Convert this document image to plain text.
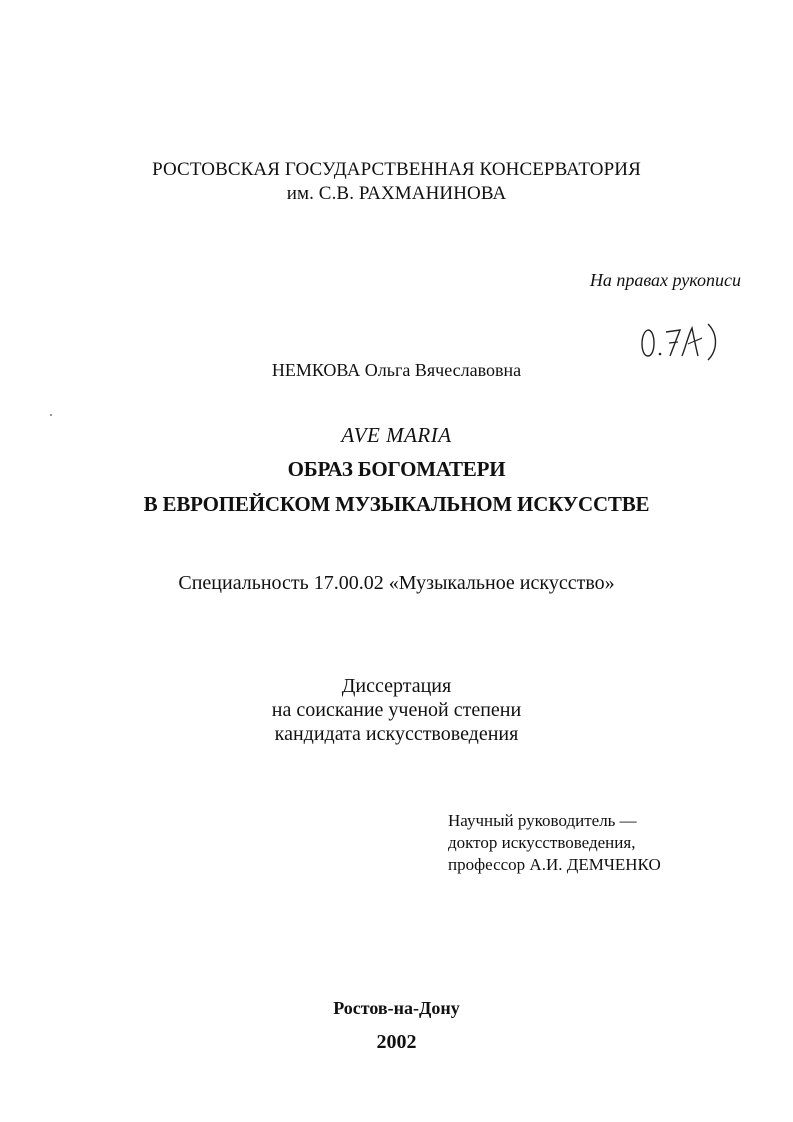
РОСТОВСКАЯ ГОСУДАРСТВЕННАЯ КОНСЕРВАТОРИЯ
им. С.В. РАХМАНИНОВА
На правах рукописи
НЕМКОВА Ольга Вячеславовна
AVE MARIA
ОБРАЗ БОГОМАТЕРИ
В ЕВРОПЕЙСКОМ МУЗЫКАЛЬНОМ ИСКУССТВЕ
Специальность 17.00.02 «Музыкальное искусство»
Диссертация
на соискание ученой степени
кандидата искусствоведения
Научный руководитель —
доктор искусствоведения,
профессор А.И. ДЕМЧЕНКО
Ростов-на-Дону
2002
